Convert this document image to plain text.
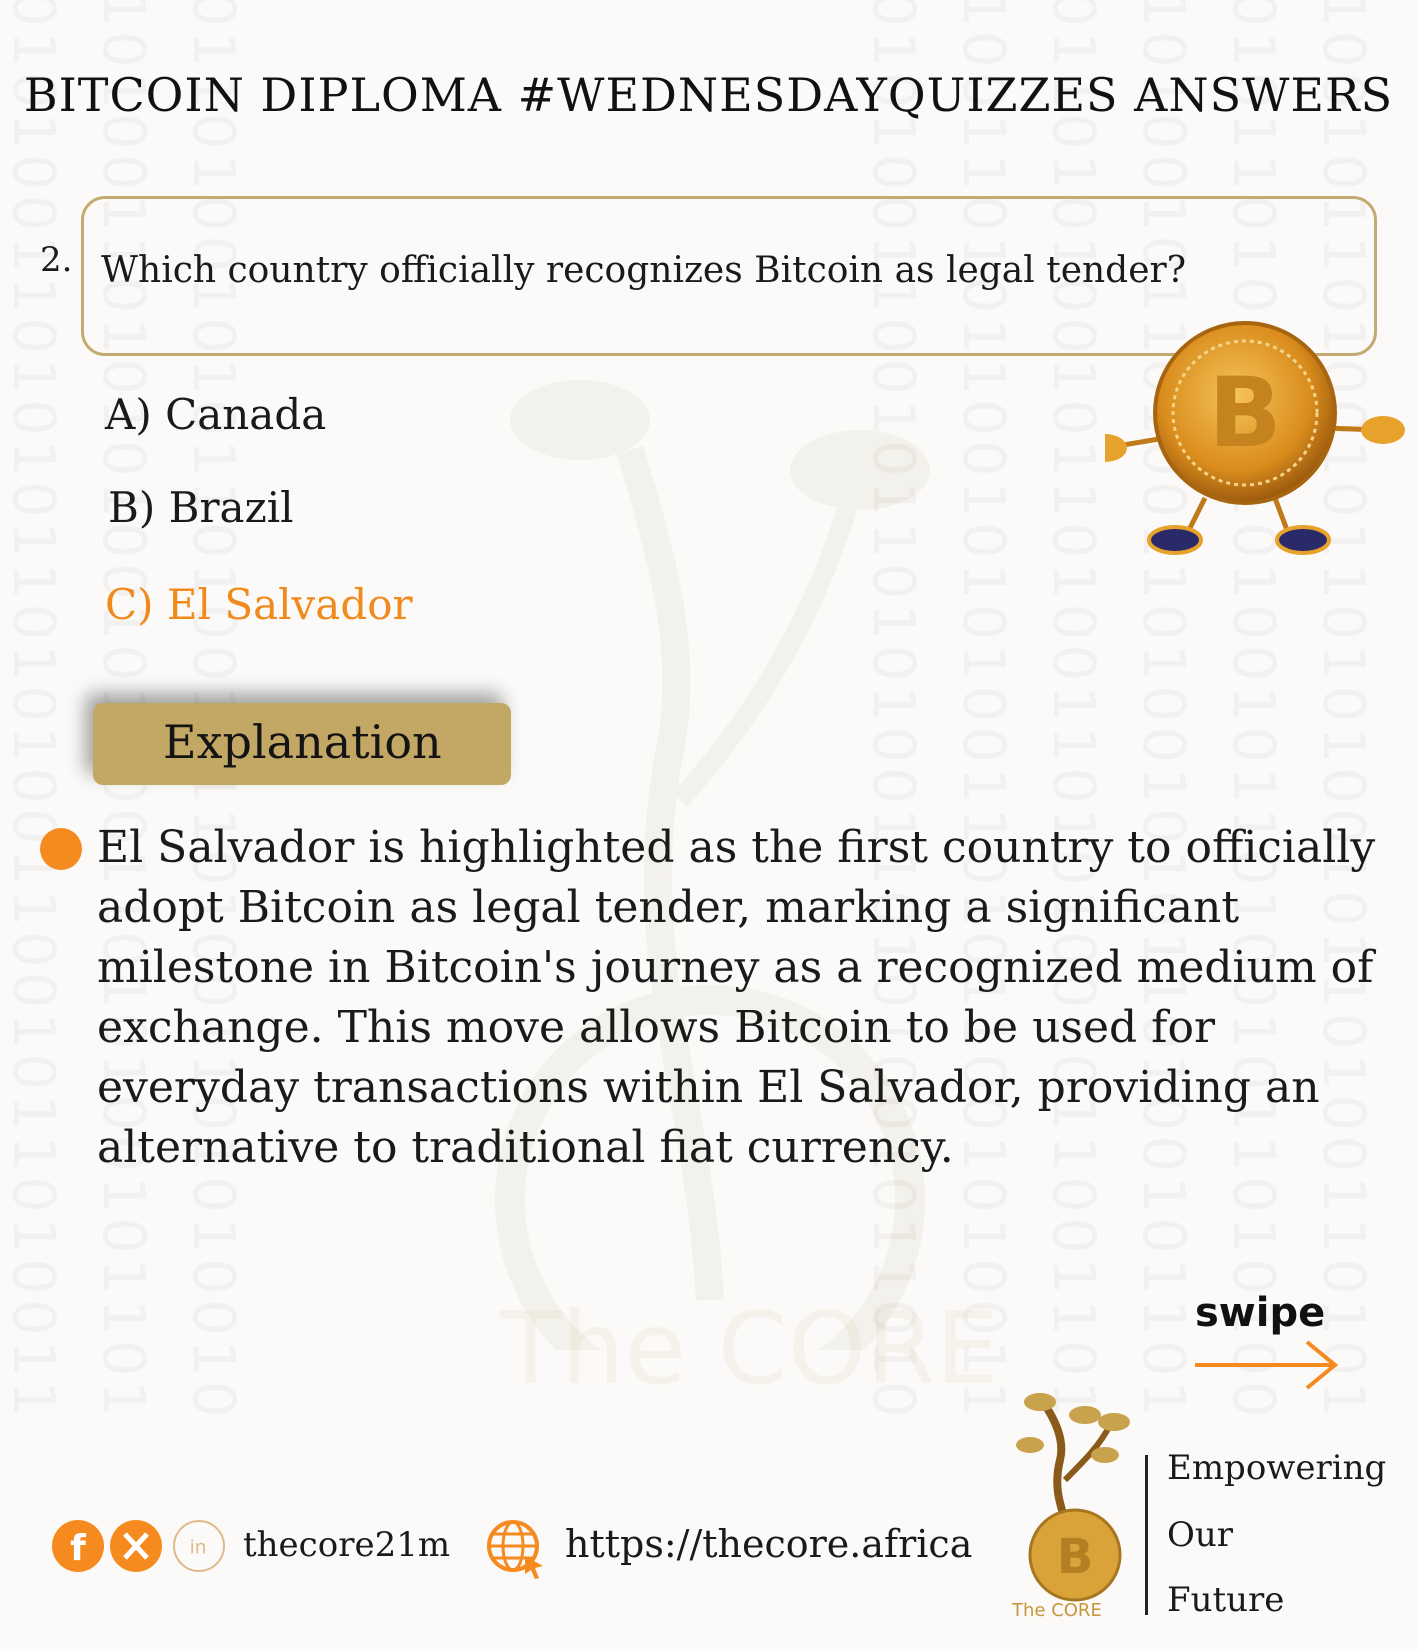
The CORE
BITCOIN DIPLOMA #WEDNESDAYQUIZZES ANSWERS
2. Which country officially recognizes Bitcoin as legal tender?
A) Canada
B) Brazil
C) El Salvador
B
Explanation
El Salvador is highlighted as the first country to officially adopt Bitcoin as legal tender, marking a significant milestone in Bitcoin's journey as a recognized medium of exchange. This move allows Bitcoin to be used for everyday transactions within El Salvador, providing an alternative to traditional fiat currency.
swipe
B
The CORE
Empowering
Our
Future
f	in thecore21m	https://thecore.africa
